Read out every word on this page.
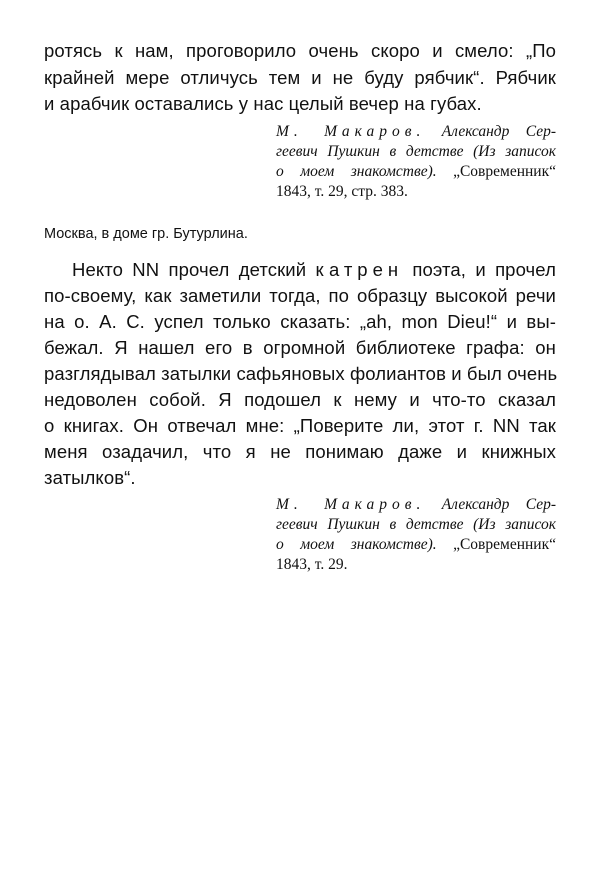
ротясь к нам, проговорило очень скоро и смело: „По
крайней мере отличусь тем и не буду рябчик“. Рябчик
и арабчик оставались у нас целый вечер на губах.
М. Макаров. Александр Сер-
геевич Пушкин в детстве (Из записок
о моем знакомстве). „Современник“
1843, т. 29, стр. 383.
Москва, в доме гр. Бутурлина.
Некто NN прочел детский катрен поэта, и прочел
по-своему, как заметили тогда, по образцу высокой речи
на о. А. С. успел только сказать: „ah, mon Dieu!“ и вы-
бежал. Я нашел его в огромной библиотеке графа: он
разглядывал затылки сафьяновых фолиантов и был очень
недоволен собой. Я подошел к нему и что-то сказал
о книгах. Он отвечал мне: „Поверите ли, этот г. NN так
меня озадачил, что я не понимаю даже и книжных
затылков“.
М. Макаров. Александр Сер-
геевич Пушкин в детстве (Из записок
о моем знакомстве). „Современник“
1843, т. 29.
